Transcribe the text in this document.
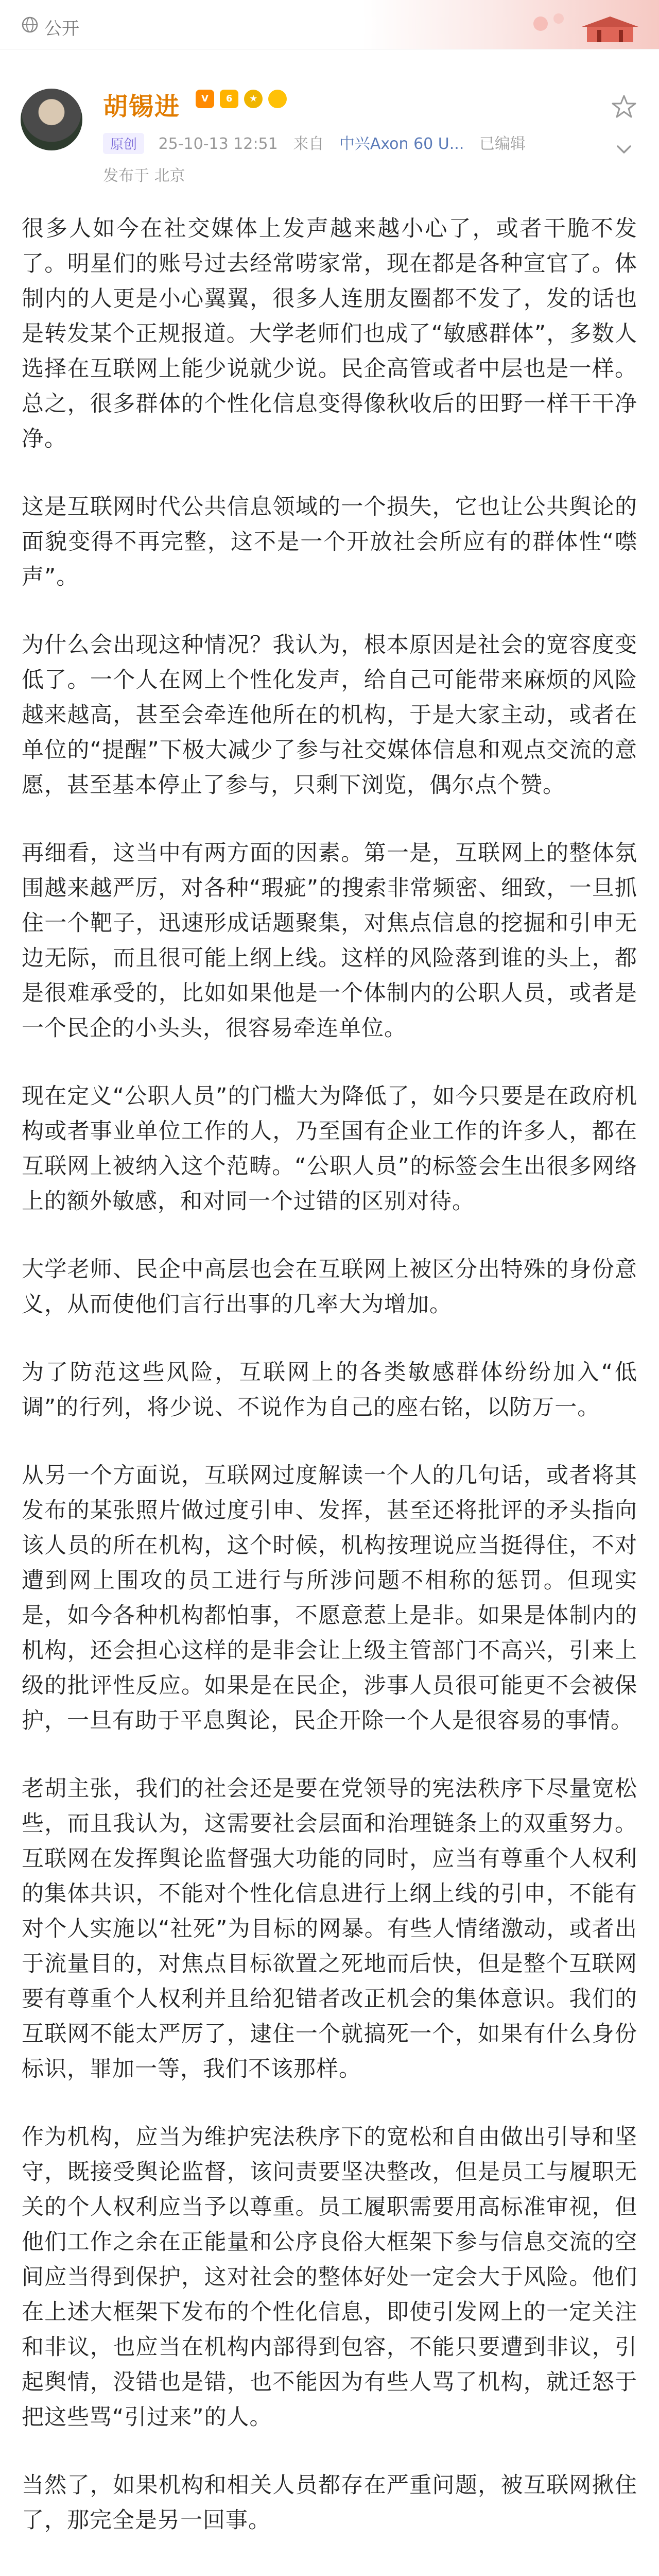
公开
胡锡进	V
	6
	★

原创 25-10-13 12:51 来自 中兴Axon 60 U... 已编辑
发布于 北京

很多人如今在社交媒体上发声越来越小心了，或者干脆不发了。明星们的账号过去经常唠家常，现在都是各种宣官了。体制内的人更是小心翼翼，很多人连朋友圈都不发了，发的话也是转发某个正规报道。大学老师们也成了“敏感群体”，多数人选择在互联网上能少说就少说。民企高管或者中层也是一样。总之，很多群体的个性化信息变得像秋收后的田野一样干干净净。

这是互联网时代公共信息领域的一个损失，它也让公共舆论的面貌变得不再完整，这不是一个开放社会所应有的群体性“噤声”。

为什么会出现这种情况？我认为，根本原因是社会的宽容度变低了。一个人在网上个性化发声，给自己可能带来麻烦的风险越来越高，甚至会牵连他所在的机构，于是大家主动，或者在单位的“提醒”下极大减少了参与社交媒体信息和观点交流的意愿，甚至基本停止了参与，只剩下浏览，偶尔点个赞。

再细看，这当中有两方面的因素。第一是，互联网上的整体氛围越来越严厉，对各种“瑕疵”的搜索非常频密、细致，一旦抓住一个靶子，迅速形成话题聚集，对焦点信息的挖掘和引申无边无际，而且很可能上纲上线。这样的风险落到谁的头上，都是很难承受的，比如如果他是一个体制内的公职人员，或者是一个民企的小头头，很容易牵连单位。

现在定义“公职人员”的门槛大为降低了，如今只要是在政府机构或者事业单位工作的人，乃至国有企业工作的许多人，都在互联网上被纳入这个范畴。“公职人员”的标签会生出很多网络上的额外敏感，和对同一个过错的区别对待。

大学老师、民企中高层也会在互联网上被区分出特殊的身份意义，从而使他们言行出事的几率大为增加。

为了防范这些风险，互联网上的各类敏感群体纷纷加入“低调”的行列，将少说、不说作为自己的座右铭，以防万一。

从另一个方面说，互联网过度解读一个人的几句话，或者将其发布的某张照片做过度引申、发挥，甚至还将批评的矛头指向该人员的所在机构，这个时候，机构按理说应当挺得住，不对遭到网上围攻的员工进行与所涉问题不相称的惩罚。但现实是，如今各种机构都怕事，不愿意惹上是非。如果是体制内的机构，还会担心这样的是非会让上级主管部门不高兴，引来上级的批评性反应。如果是在民企，涉事人员很可能更不会被保护，一旦有助于平息舆论，民企开除一个人是很容易的事情。

老胡主张，我们的社会还是要在党领导的宪法秩序下尽量宽松些，而且我认为，这需要社会层面和治理链条上的双重努力。互联网在发挥舆论监督强大功能的同时，应当有尊重个人权利的集体共识，不能对个性化信息进行上纲上线的引申，不能有对个人实施以“社死”为目标的网暴。有些人情绪激动，或者出于流量目的，对焦点目标欲置之死地而后快，但是整个互联网要有尊重个人权利并且给犯错者改正机会的集体意识。我们的互联网不能太严厉了，逮住一个就搞死一个，如果有什么身份标识，罪加一等，我们不该那样。

作为机构，应当为维护宪法秩序下的宽松和自由做出引导和坚守，既接受舆论监督，该问责要坚决整改，但是员工与履职无关的个人权利应当予以尊重。员工履职需要用高标准审视，但他们工作之余在正能量和公序良俗大框架下参与信息交流的空间应当得到保护，这对社会的整体好处一定会大于风险。他们在上述大框架下发布的个性化信息，即使引发网上的一定关注和非议，也应当在机构内部得到包容，不能只要遭到非议，引起舆情，没错也是错，也不能因为有些人骂了机构，就迁怒于把这些骂“引过来”的人。

当然了，如果机构和相关人员都存在严重问题，被互联网揪住了，那完全是另一回事。
